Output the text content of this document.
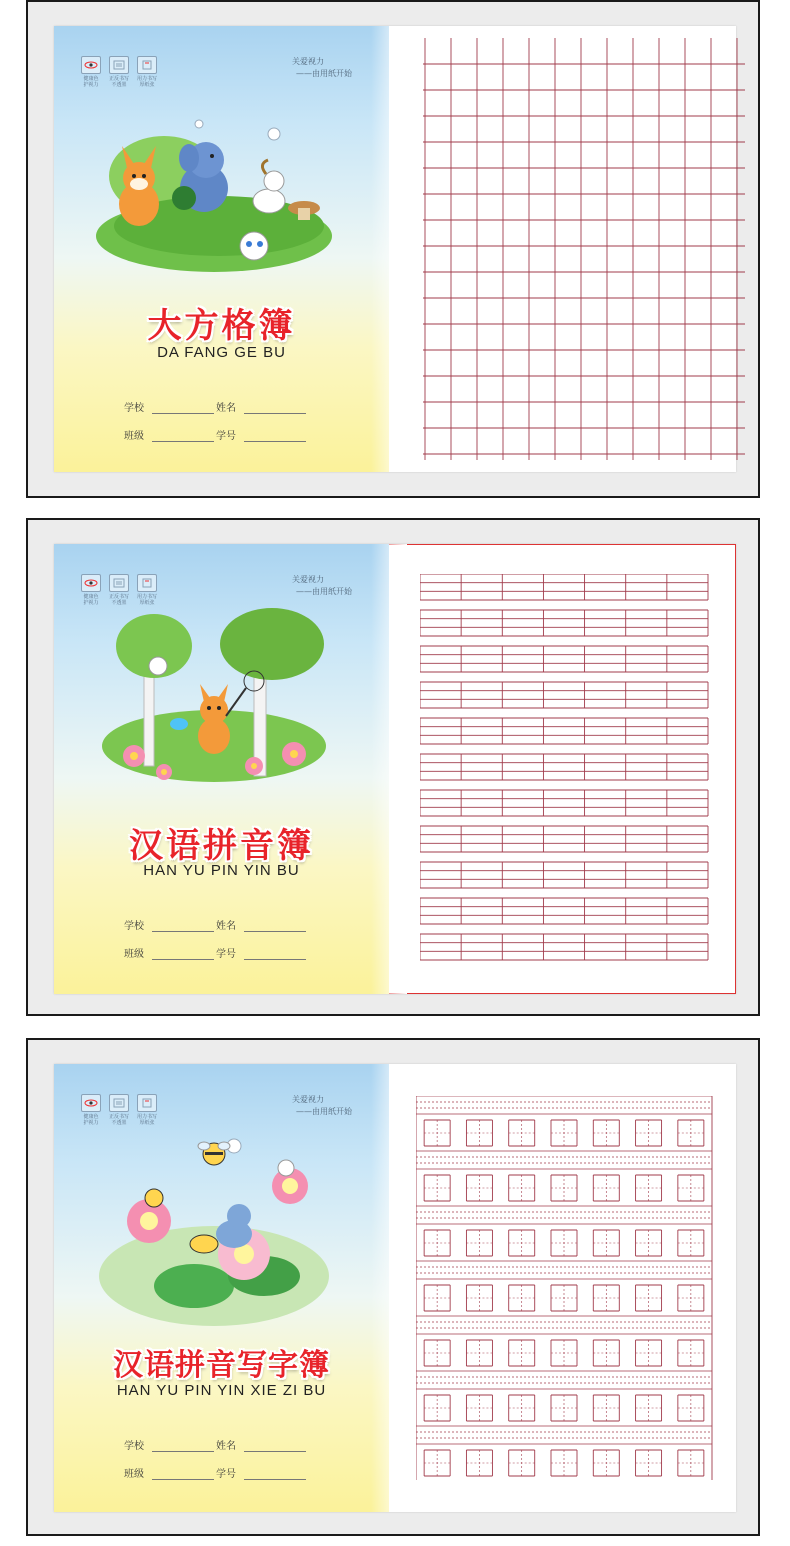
健康色
护视力
正反书写
不透墨
用力书写
厚纸张
关爱视力
——由用纸开始
大方格簿
DA FANG GE BU
学校	姓名
班级	学号
健康色
护视力
正反书写
不透墨
用力书写
厚纸张
关爱视力
——由用纸开始
汉语拼音簿
HAN YU PIN YIN BU
学校	姓名
班级	学号
健康色
护视力
正反书写
不透墨
用力书写
厚纸张
关爱视力
——由用纸开始
汉语拼音写字簿
HAN YU PIN YIN XIE ZI BU
学校	姓名
班级	学号
